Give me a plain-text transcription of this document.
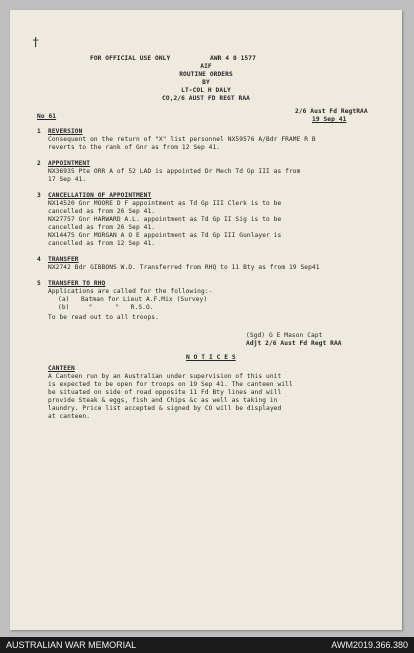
†
FOR OFFICIAL USE ONLY	AWR 4 0 1577
AIF
ROUTINE ORDERS
BY
LT-COL H DALY
CO,2/6 AUST FD REGT RAA
No 61
2/6 Aust Fd RegtRAA
19 Sep 41
1 REVERSION
Consequent on the return of "X" list personnel NX59576 A/Bdr FRAME R B
reverts to the rank of Gnr as from 12 Sep 41.
2 APPOINTMENT
NX36935 Pte ORR A of 52 LAD is appointed Dr Mech Td Gp III as from
17 Sep 41.
3 CANCELLATION OF APPOINTMENT
NX14520 Gnr MOORE D F appointment as Td Gp III Clerk is to be
cancelled as from 26 Sep 41.
NX27757 Gnr HARWARD A.L. appointment as Td Gp II Sig is to be
cancelled as from 26 Sep 41.
NX14475 Gnr MORGAN A O E appointment as Td Gp III Gunlayer is
cancelled as from 12 Sep 41.
4 TRANSFER
NX2742 Bdr GIBBONS W.D. Transferred from RHQ to 11 Bty as from 19 Sep41
5 TRANSFER TO RHQ
Applications are called for the following:-
(a)   Batman for Lieut A.F.Mix (Survey)
(b)     "      "   R.S.O.
To be read out to all troops.
(Sgd) G E Mason Capt
Adjt 2/6 Aust Fd Regt RAA
N O T I C E S
CANTEEN
A Canteen run by an Australian under supervision of this unit
is expected to be open for troops on 19 Sep 41. The canteen will
be situated on side of road opposite 11 Fd Bty lines and will
provide Steak & eggs, fish and Chips &c as well as taking in
laundry. Price list accepted & signed by CO will be displayed
at canteen.
AUSTRALIAN WAR MEMORIAL	AWM2019.366.380
